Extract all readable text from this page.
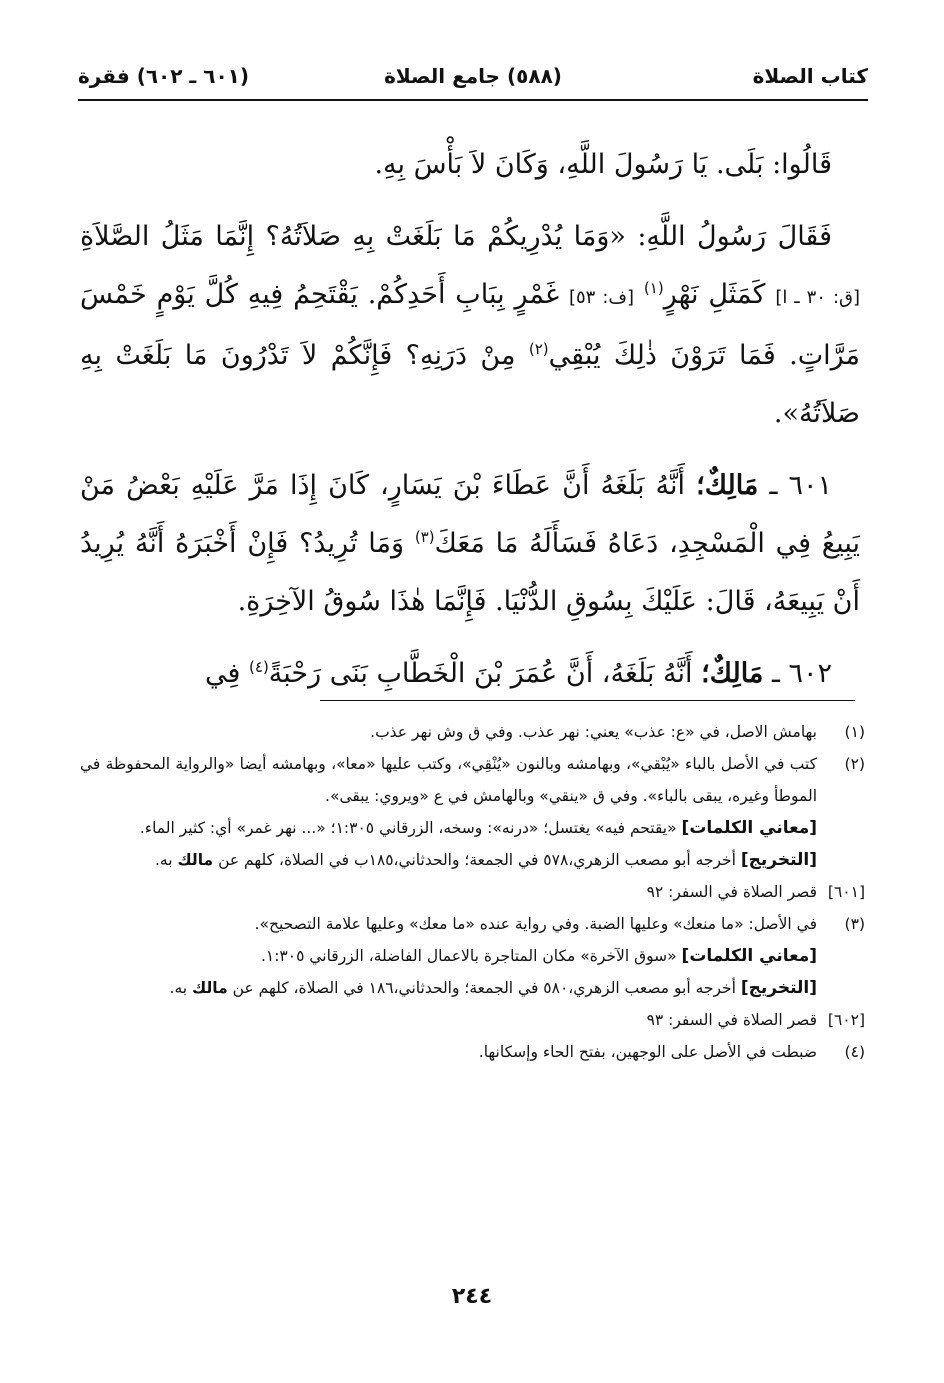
كتاب الصلاة
(٥٨٨) جامع الصلاة
(٦٠١ ـ ٦٠٢) فقرة

قَالُوا: بَلَى. يَا رَسُولَ اللَّهِ، وَكَانَ لاَ بَأْسَ بِهِ.

فَقَالَ رَسُولُ اللَّهِ: «وَمَا يُدْرِيكُمْ مَا بَلَغَتْ بِهِ صَلاَتُهُ؟ إِنَّمَا مَثَلُ الصَّلاَةِ [ق: ٣٠ ـ ا] كَمَثَلِ نَهْرٍ$^{(١)}$ [ف: ٥٣] غَمْرٍ بِبَابِ أَحَدِكُمْ. يَقْتَحِمُ فِيهِ كُلَّ يَوْمٍ خَمْسَ مَرَّاتٍ. فَمَا تَرَوْنَ ذٰلِكَ يُبْقِي$^{(٢)}$ مِنْ دَرَنِهِ؟ فَإِنَّكُمْ لاَ تَدْرُونَ مَا بَلَغَتْ بِهِ صَلاَتُهُ».

٦٠١ ـ مَالِكٌ؛ أَنَّهُ بَلَغَهُ أَنَّ عَطَاءَ بْنَ يَسَارٍ، كَانَ إِذَا مَرَّ عَلَيْهِ بَعْضُ مَنْ يَبِيعُ فِي الْمَسْجِدِ، دَعَاهُ فَسَأَلَهُ مَا مَعَكَ$^{(٣)}$ وَمَا تُرِيدُ؟ فَإِنْ أَخْبَرَهُ أَنَّهُ يُرِيدُ أَنْ يَبِيعَهُ، قَالَ: عَلَيْكَ بِسُوقِ الدُّنْيَا. فَإِنَّمَا هٰذَا سُوقُ الآخِرَةِ.

٦٠٢ ـ مَالِكٌ؛ أَنَّهُ بَلَغَهُ، أَنَّ عُمَرَ بْنَ الْخَطَّابِ بَنَى رَحْبَةً$^{(٤)}$ فِي

(١)
بهامش الاصل، في «ع: عذب» يعني: نهر عذب. وفي ق وش نهر عذب.
(٢)
كتب في الأصل بالباء «يُبْقي»، وبهامشه وبالنون «يُنْقِي»، وكتب عليها «معا»، وبهامشه أيضا «والرواية المحفوظة في الموطأ وغيره، يبقى بالباء». وفي ق «ينقي» وبالهامش في ع «ويروي: يبقى».
[معاني الكلمات] «يقتحم فيه» يغتسل؛ «درنه»: وسخه، الزرقاني ١:٣٠٥؛ «... نهر غمر» أي: كثير الماء.
[التخريج] أخرجه أبو مصعب الزهري،٥٧٨ في الجمعة؛ والحدثاني،١٨٥ب في الصلاة، كلهم عن مالك به.
[٦٠١]
قصر الصلاة في السفر: ٩٢
(٣)
في الأصل: «ما منعك» وعليها الضبة. وفي رواية عنده «ما معك» وعليها علامة التصحيح».
[معاني الكلمات] «سوق الآخرة» مكان المتاجرة بالاعمال الفاضلة، الزرقاني ١:٣٠٥.
[التخريج] أخرجه أبو مصعب الزهري،٥٨٠ في الجمعة؛ والحدثاني،١٨٦ في الصلاة، كلهم عن مالك به.
[٦٠٢]
قصر الصلاة في السفر: ٩٣
(٤)
ضبطت في الأصل على الوجهين، بفتح الحاء وإسكانها.
٢٤٤
